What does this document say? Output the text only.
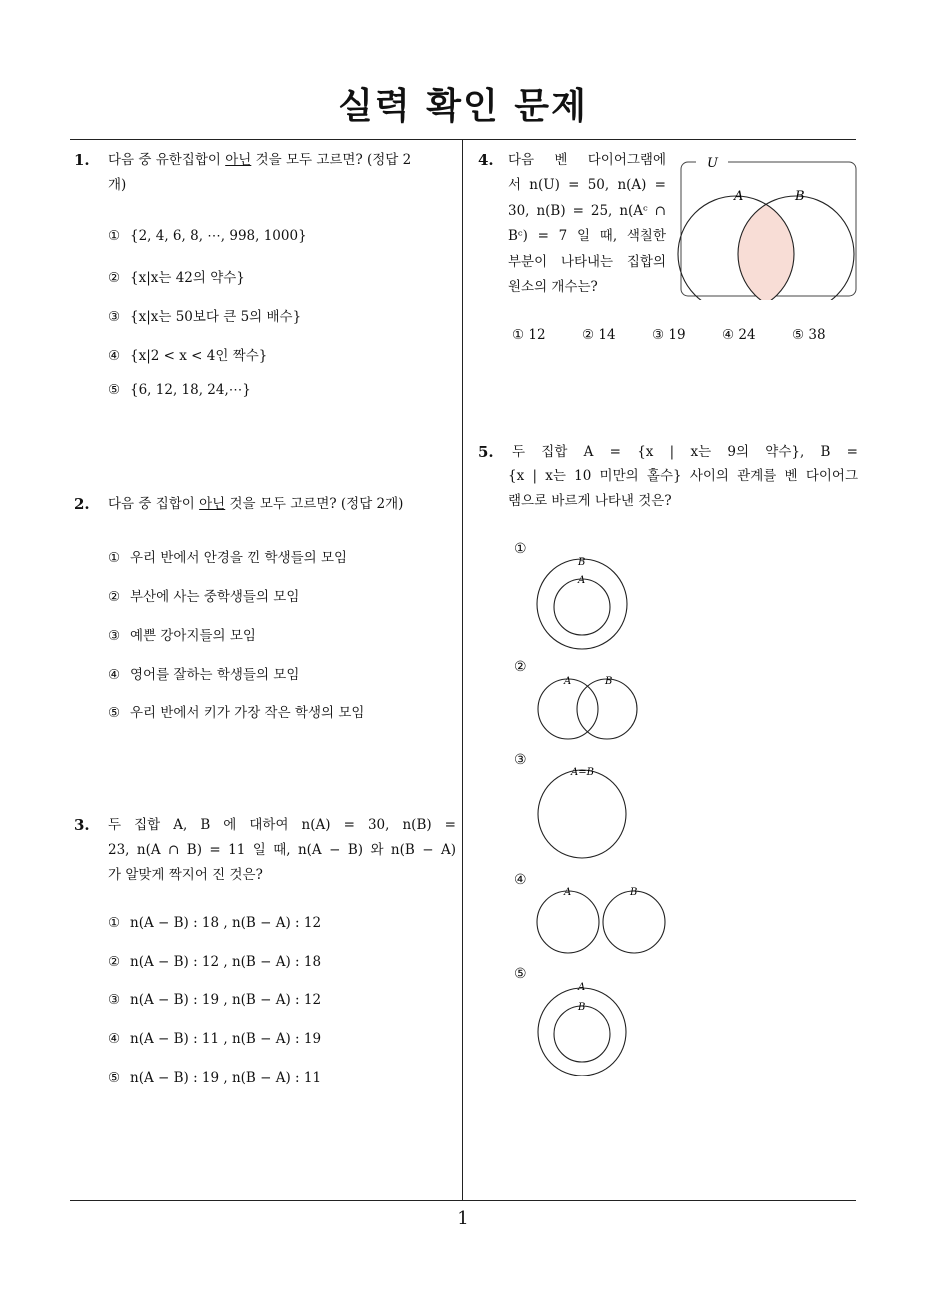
실력 확인 문제
1
1. 다음 중 유한집합이 아닌 것을 모두 고르면? (정답 2
개)
① {2, 4, 6, 8, ⋯, 998, 1000}
② {x|x는 42의 약수}
③ {x|x는 50보다 큰 5의 배수}
④ {x|2 < x < 4인 짝수}
⑤ {6, 12, 18, 24,⋯}
2. 다음 중 집합이 아닌 것을 모두 고르면? (정답 2개)
① 우리 반에서 안경을 낀 학생들의 모임
② 부산에 사는 중학생들의 모임
③ 예쁜 강아지들의 모임
④ 영어를 잘하는 학생들의 모임
⑤ 우리 반에서 키가 가장 작은 학생의 모임
3. 두 집합 A, B 에 대하여 n(A) = 30, n(B) =
23, n(A ∩ B) = 11 일 때, n(A − B) 와 n(B − A)
가 알맞게 짝지어 진 것은?
① n(A − B) : 18 , n(B − A) : 12
② n(A − B) : 12 , n(B − A) : 18
③ n(A − B) : 19 , n(B − A) : 12
④ n(A − B) : 11 , n(B − A) : 19
⑤ n(A − B) : 19 , n(B − A) : 11
4. 다음 벤 다이어그램에
서 n(U) = 50, n(A) =
30, n(B) = 25, n(Aᶜ ∩
Bᶜ) = 7 일 때, 색칠한
부분이 나타내는 집합의
원소의 개수는?
U
A	B
① 12	② 14	③ 19	④ 24	⑤ 38
5. 두 집합 A = {x | x는 9의 약수}, B =
{x | x는 10 미만의 홀수} 사이의 관계를 벤 다이어그
램으로 바르게 나타낸 것은?
①
B
A
②
A	B
③
A=B
④
A	B
⑤
A
B
